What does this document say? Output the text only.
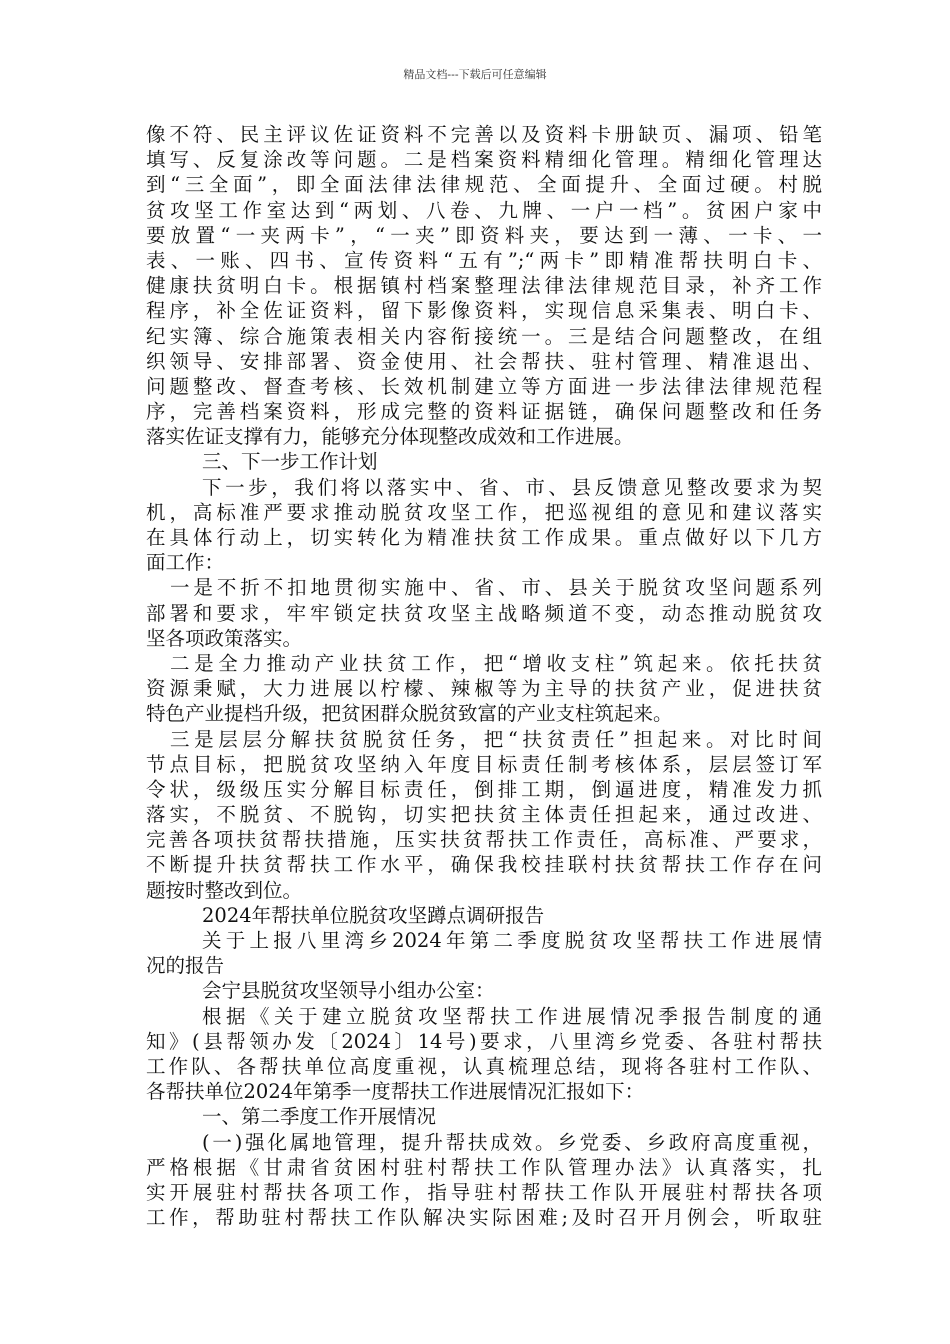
精品文档---下载后可任意编辑
像不符、民主评议佐证资料不完善以及资料卡册缺页、漏项、铅笔
填写、反复涂改等问题。二是档案资料精细化管理。精细化管理达
到“三全面”，即全面法律法律规范、全面提升、全面过硬。村脱
贫攻坚工作室达到“两划、八卷、九牌、一户一档”。贫困户家中
要放置“一夹两卡”，“一夹”即资料夹，要达到一薄、一卡、一
表、一账、四书、宣传资料“五有”;“两卡”即精准帮扶明白卡、
健康扶贫明白卡。根据镇村档案整理法律法律规范目录，补齐工作
程序，补全佐证资料，留下影像资料，实现信息采集表、明白卡、
纪实簿、综合施策表相关内容衔接统一。三是结合问题整改，在组
织领导、安排部署、资金使用、社会帮扶、驻村管理、精准退出、
问题整改、督查考核、长效机制建立等方面进一步法律法律规范程
序，完善档案资料，形成完整的资料证据链，确保问题整改和任务
落实佐证支撑有力，能够充分体现整改成效和工作进展。
三、下一步工作计划
下一步，我们将以落实中、省、市、县反馈意见整改要求为契
机，高标准严要求推动脱贫攻坚工作，把巡视组的意见和建议落实
在具体行动上，切实转化为精准扶贫工作成果。重点做好以下几方
面工作：
一是不折不扣地贯彻实施中、省、市、县关于脱贫攻坚问题系列
部署和要求，牢牢锁定扶贫攻坚主战略频道不变，动态推动脱贫攻
坚各项政策落实。
二是全力推动产业扶贫工作，把“增收支柱”筑起来。依托扶贫
资源秉赋，大力进展以柠檬、辣椒等为主导的扶贫产业，促进扶贫
特色产业提档升级，把贫困群众脱贫致富的产业支柱筑起来。
三是层层分解扶贫脱贫任务，把“扶贫责任”担起来。对比时间
节点目标，把脱贫攻坚纳入年度目标责任制考核体系，层层签订军
令状，级级压实分解目标责任，倒排工期，倒逼进度，精准发力抓
落实，不脱贫、不脱钩，切实把扶贫主体责任担起来，通过改进、
完善各项扶贫帮扶措施，压实扶贫帮扶工作责任，高标准、严要求，
不断提升扶贫帮扶工作水平，确保我校挂联村扶贫帮扶工作存在问
题按时整改到位。
2024年帮扶单位脱贫攻坚蹲点调研报告
关于上报八里湾乡2024年第二季度脱贫攻坚帮扶工作进展情
况的报告
会宁县脱贫攻坚领导小组办公室：
根据《关于建立脱贫攻坚帮扶工作进展情况季报告制度的通
知》(县帮领办发〔2024〕14号)要求，八里湾乡党委、各驻村帮扶
工作队、各帮扶单位高度重视，认真梳理总结，现将各驻村工作队、
各帮扶单位2024年第季一度帮扶工作进展情况汇报如下：
一、第二季度工作开展情况
(一)强化属地管理，提升帮扶成效。乡党委、乡政府高度重视，
严格根据《甘肃省贫困村驻村帮扶工作队管理办法》认真落实，扎
实开展驻村帮扶各项工作，指导驻村帮扶工作队开展驻村帮扶各项
工作，帮助驻村帮扶工作队解决实际困难;及时召开月例会，听取驻
